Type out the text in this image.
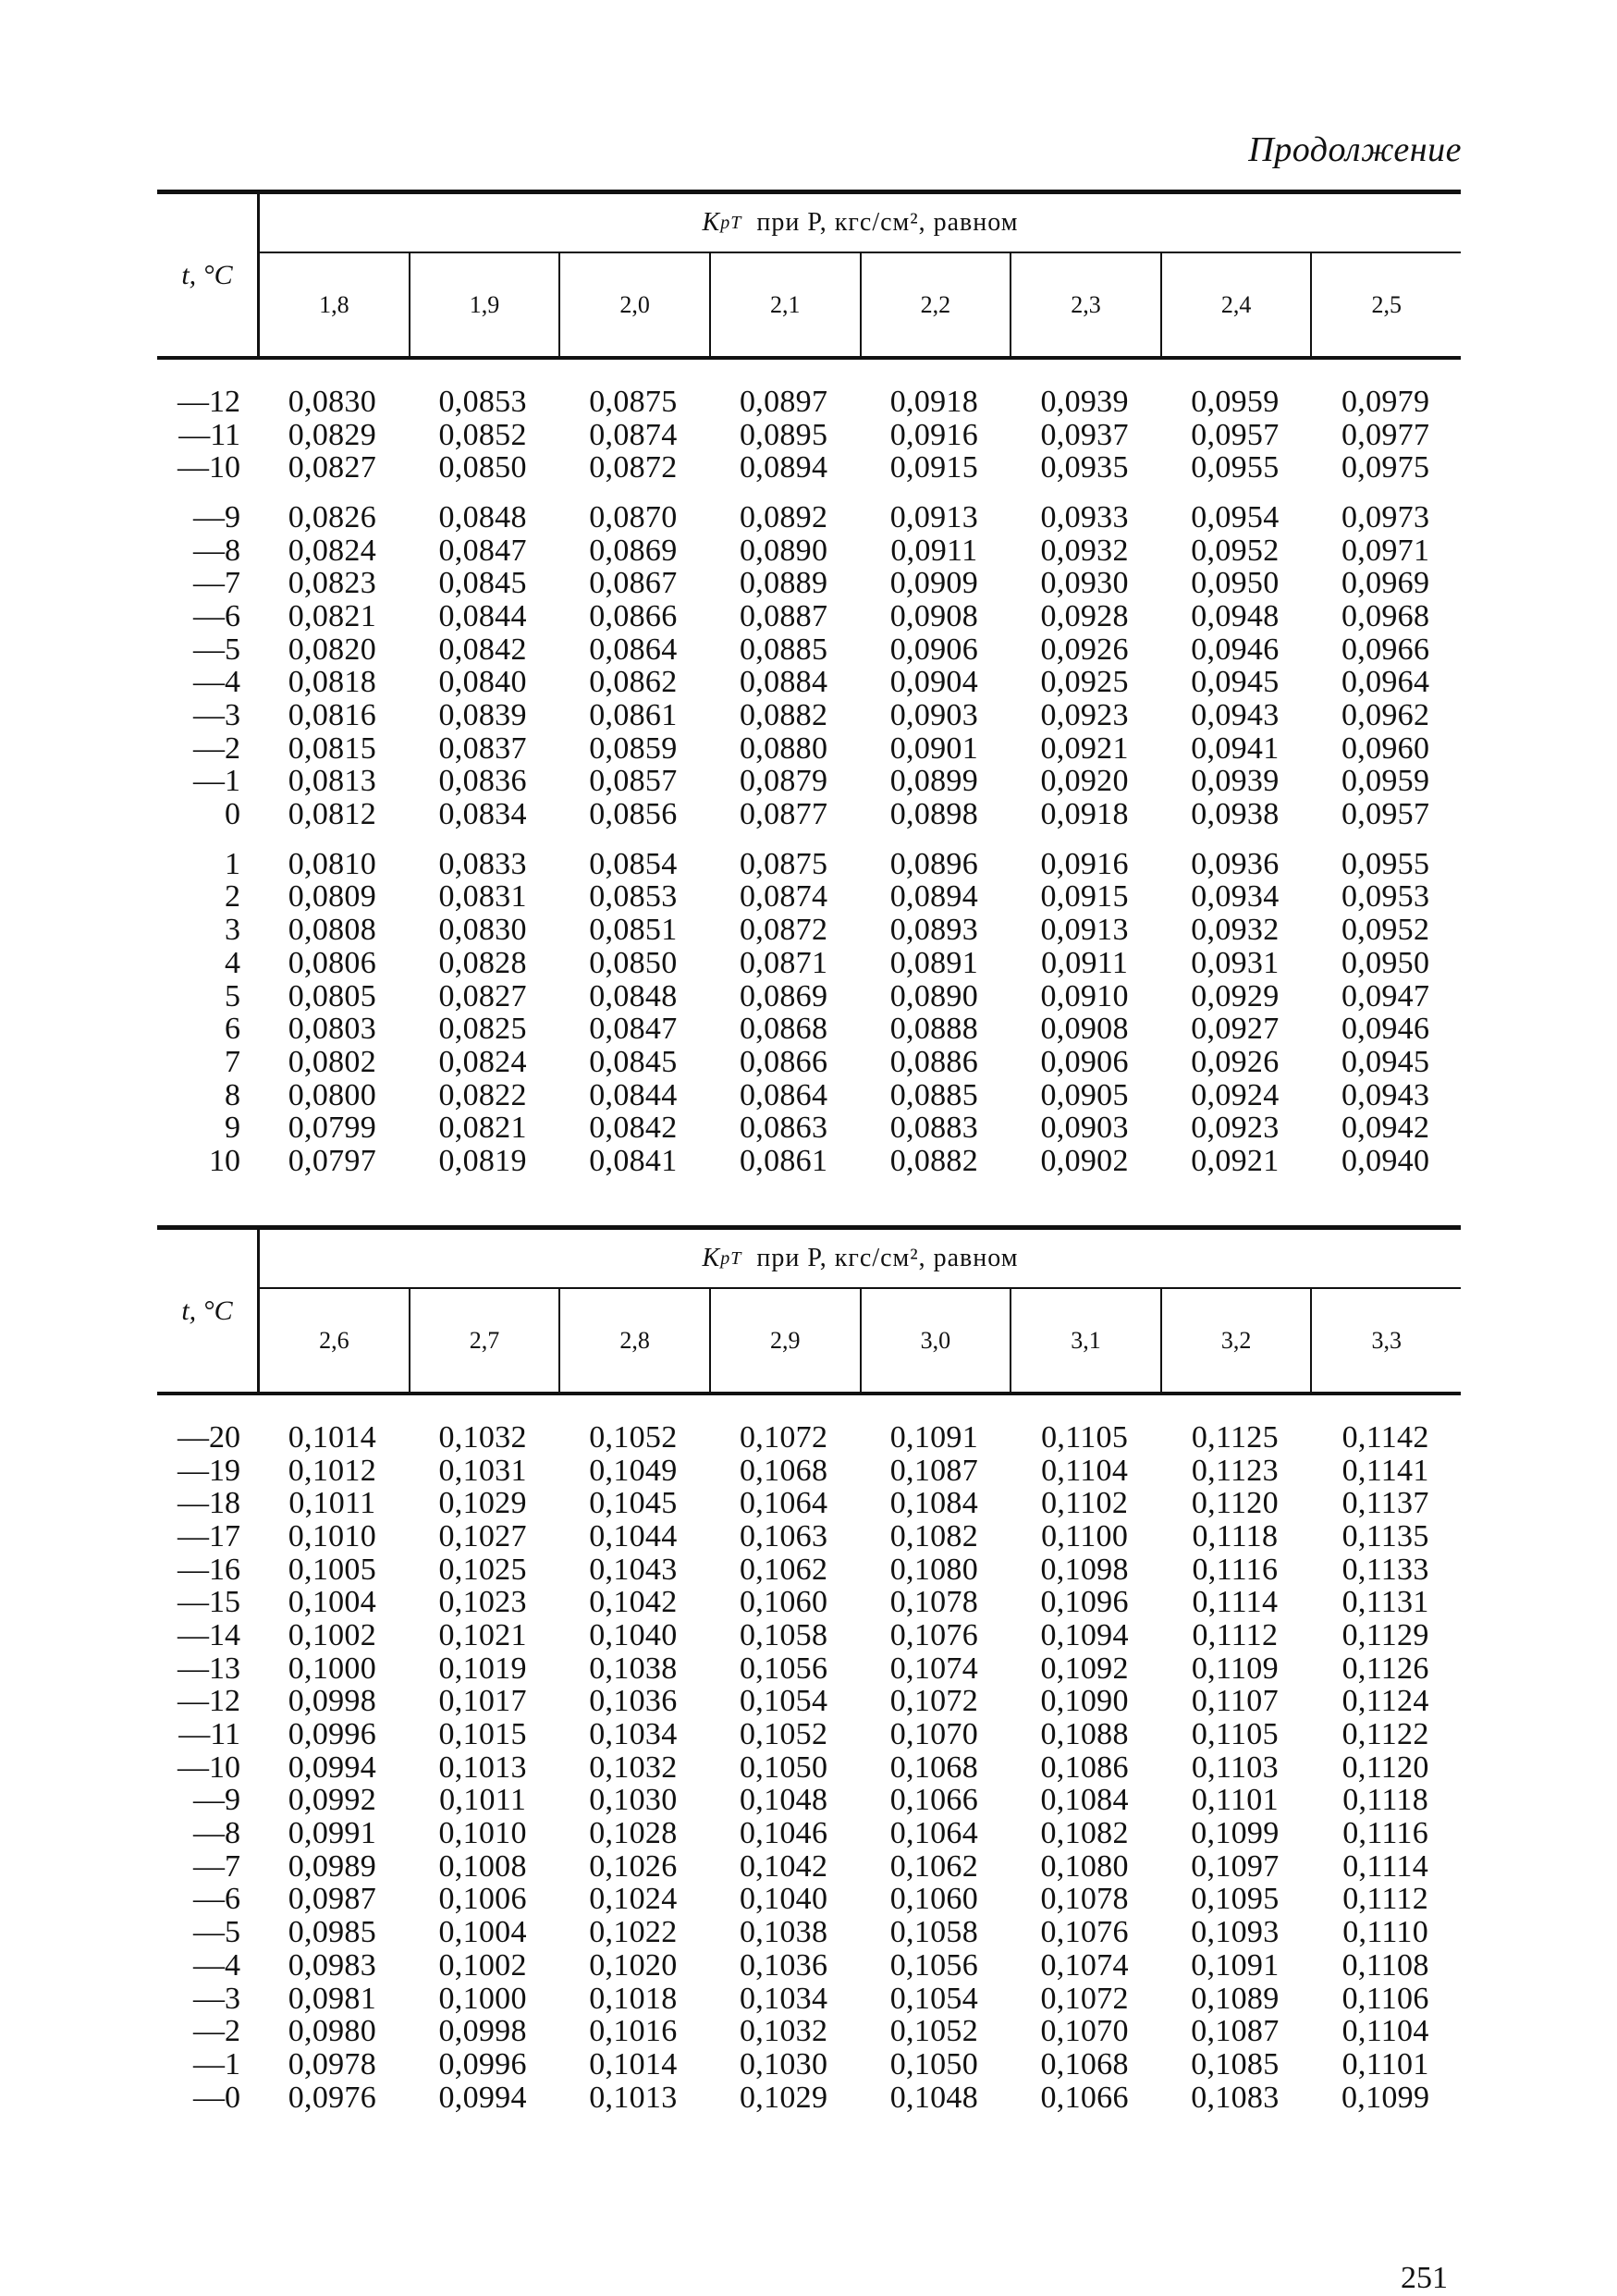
Продолжение
t, °C
K pT
при P, кгс/см², равном
1,8	1,9	2,0	2,1	2,2	2,3	2,4	2,5
—12	0,0830	0,0853	0,0875	0,0897	0,0918	0,0939	0,0959	0,0979
—11	0,0829	0,0852	0,0874	0,0895	0,0916	0,0937	0,0957	0,0977
—10	0,0827	0,0850	0,0872	0,0894	0,0915	0,0935	0,0955	0,0975
—9	0,0826	0,0848	0,0870	0,0892	0,0913	0,0933	0,0954	0,0973
—8	0,0824	0,0847	0,0869	0,0890	0,0911	0,0932	0,0952	0,0971
—7	0,0823	0,0845	0,0867	0,0889	0,0909	0,0930	0,0950	0,0969
—6	0,0821	0,0844	0,0866	0,0887	0,0908	0,0928	0,0948	0,0968
—5	0,0820	0,0842	0,0864	0,0885	0,0906	0,0926	0,0946	0,0966
—4	0,0818	0,0840	0,0862	0,0884	0,0904	0,0925	0,0945	0,0964
—3	0,0816	0,0839	0,0861	0,0882	0,0903	0,0923	0,0943	0,0962
—2	0,0815	0,0837	0,0859	0,0880	0,0901	0,0921	0,0941	0,0960
—1	0,0813	0,0836	0,0857	0,0879	0,0899	0,0920	0,0939	0,0959
0	0,0812	0,0834	0,0856	0,0877	0,0898	0,0918	0,0938	0,0957
1	0,0810	0,0833	0,0854	0,0875	0,0896	0,0916	0,0936	0,0955
2	0,0809	0,0831	0,0853	0,0874	0,0894	0,0915	0,0934	0,0953
3	0,0808	0,0830	0,0851	0,0872	0,0893	0,0913	0,0932	0,0952
4	0,0806	0,0828	0,0850	0,0871	0,0891	0,0911	0,0931	0,0950
5	0,0805	0,0827	0,0848	0,0869	0,0890	0,0910	0,0929	0,0947
6	0,0803	0,0825	0,0847	0,0868	0,0888	0,0908	0,0927	0,0946
7	0,0802	0,0824	0,0845	0,0866	0,0886	0,0906	0,0926	0,0945
8	0,0800	0,0822	0,0844	0,0864	0,0885	0,0905	0,0924	0,0943
9	0,0799	0,0821	0,0842	0,0863	0,0883	0,0903	0,0923	0,0942
10	0,0797	0,0819	0,0841	0,0861	0,0882	0,0902	0,0921	0,0940
t, °C
K pT
при P, кгс/см², равном
2,6	2,7	2,8	2,9	3,0	3,1	3,2	3,3
—20	0,1014	0,1032	0,1052	0,1072	0,1091	0,1105	0,1125	0,1142
—19	0,1012	0,1031	0,1049	0,1068	0,1087	0,1104	0,1123	0,1141
—18	0,1011	0,1029	0,1045	0,1064	0,1084	0,1102	0,1120	0,1137
—17	0,1010	0,1027	0,1044	0,1063	0,1082	0,1100	0,1118	0,1135
—16	0,1005	0,1025	0,1043	0,1062	0,1080	0,1098	0,1116	0,1133
—15	0,1004	0,1023	0,1042	0,1060	0,1078	0,1096	0,1114	0,1131
—14	0,1002	0,1021	0,1040	0,1058	0,1076	0,1094	0,1112	0,1129
—13	0,1000	0,1019	0,1038	0,1056	0,1074	0,1092	0,1109	0,1126
—12	0,0998	0,1017	0,1036	0,1054	0,1072	0,1090	0,1107	0,1124
—11	0,0996	0,1015	0,1034	0,1052	0,1070	0,1088	0,1105	0,1122
—10	0,0994	0,1013	0,1032	0,1050	0,1068	0,1086	0,1103	0,1120
—9	0,0992	0,1011	0,1030	0,1048	0,1066	0,1084	0,1101	0,1118
—8	0,0991	0,1010	0,1028	0,1046	0,1064	0,1082	0,1099	0,1116
—7	0,0989	0,1008	0,1026	0,1042	0,1062	0,1080	0,1097	0,1114
—6	0,0987	0,1006	0,1024	0,1040	0,1060	0,1078	0,1095	0,1112
—5	0,0985	0,1004	0,1022	0,1038	0,1058	0,1076	0,1093	0,1110
—4	0,0983	0,1002	0,1020	0,1036	0,1056	0,1074	0,1091	0,1108
—3	0,0981	0,1000	0,1018	0,1034	0,1054	0,1072	0,1089	0,1106
—2	0,0980	0,0998	0,1016	0,1032	0,1052	0,1070	0,1087	0,1104
—1	0,0978	0,0996	0,1014	0,1030	0,1050	0,1068	0,1085	0,1101
—0	0,0976	0,0994	0,1013	0,1029	0,1048	0,1066	0,1083	0,1099
251
